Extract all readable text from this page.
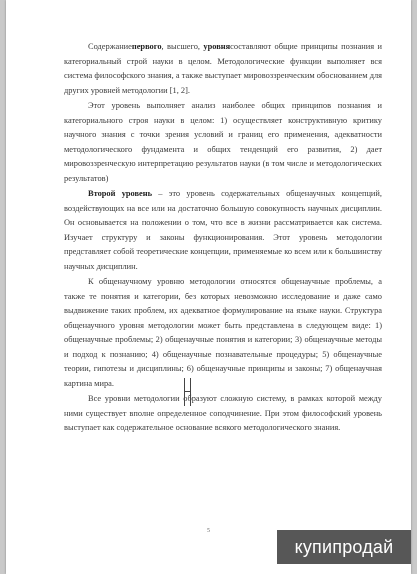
Содержаниепервого, высшего, уровнясоставляют общие принципы познания и категориальный строй науки в целом. Методологические функции выполняет вся система философского знания, а также выступает мировоззренческим обоснованием для других уровней методологии [1, 2].

Этот уровень выполняет анализ наиболее общих принципов познания и категориального строя науки в целом: 1) осуществляет конструктивную критику научного знания с точки зрения условий и границ его применения, адекватности методологического фундамента и общих тенденций его развития, 2) дает мировоззренческую интерпретацию результатов науки (в том числе и методологических результатов)

Второй уровень – это уровень содержательных общенаучных концепций, воздействующих на все или на достаточно большую совокупность научных дисциплин. Он основывается на положении о том, что все в жизни рассматривается как система. Изучает структуру и законы функционирования. Этот уровень методологии представляет собой теоретические концепции, применяемые ко всем или к большинству научных дисциплин.

К общенаучному уровню методологии относятся общенаучные проблемы, а также те понятия и категории, без которых невозможно исследование и даже само выдвижение таких проблем, их адекватное формулирование на языке науки. Структура общенаучного уровня методологии может быть представлена в следующем виде: 1) общенаучные проблемы; 2) общенаучные понятия и категории; 3) общенаучные методы и подход к познанию; 4) общенаучные познавательные процедуры; 5) общенаучные теории, гипотезы и дисциплины; 6) общенаучные принципы и законы; 7) общенаучная картина мира.

Все уровни методологии образуют сложную систему, в рамках которой между ними существует вполне определенное соподчинение. При этом философский уровень выступает как содержательное основание всякого методологического знания.

5
купипродай
